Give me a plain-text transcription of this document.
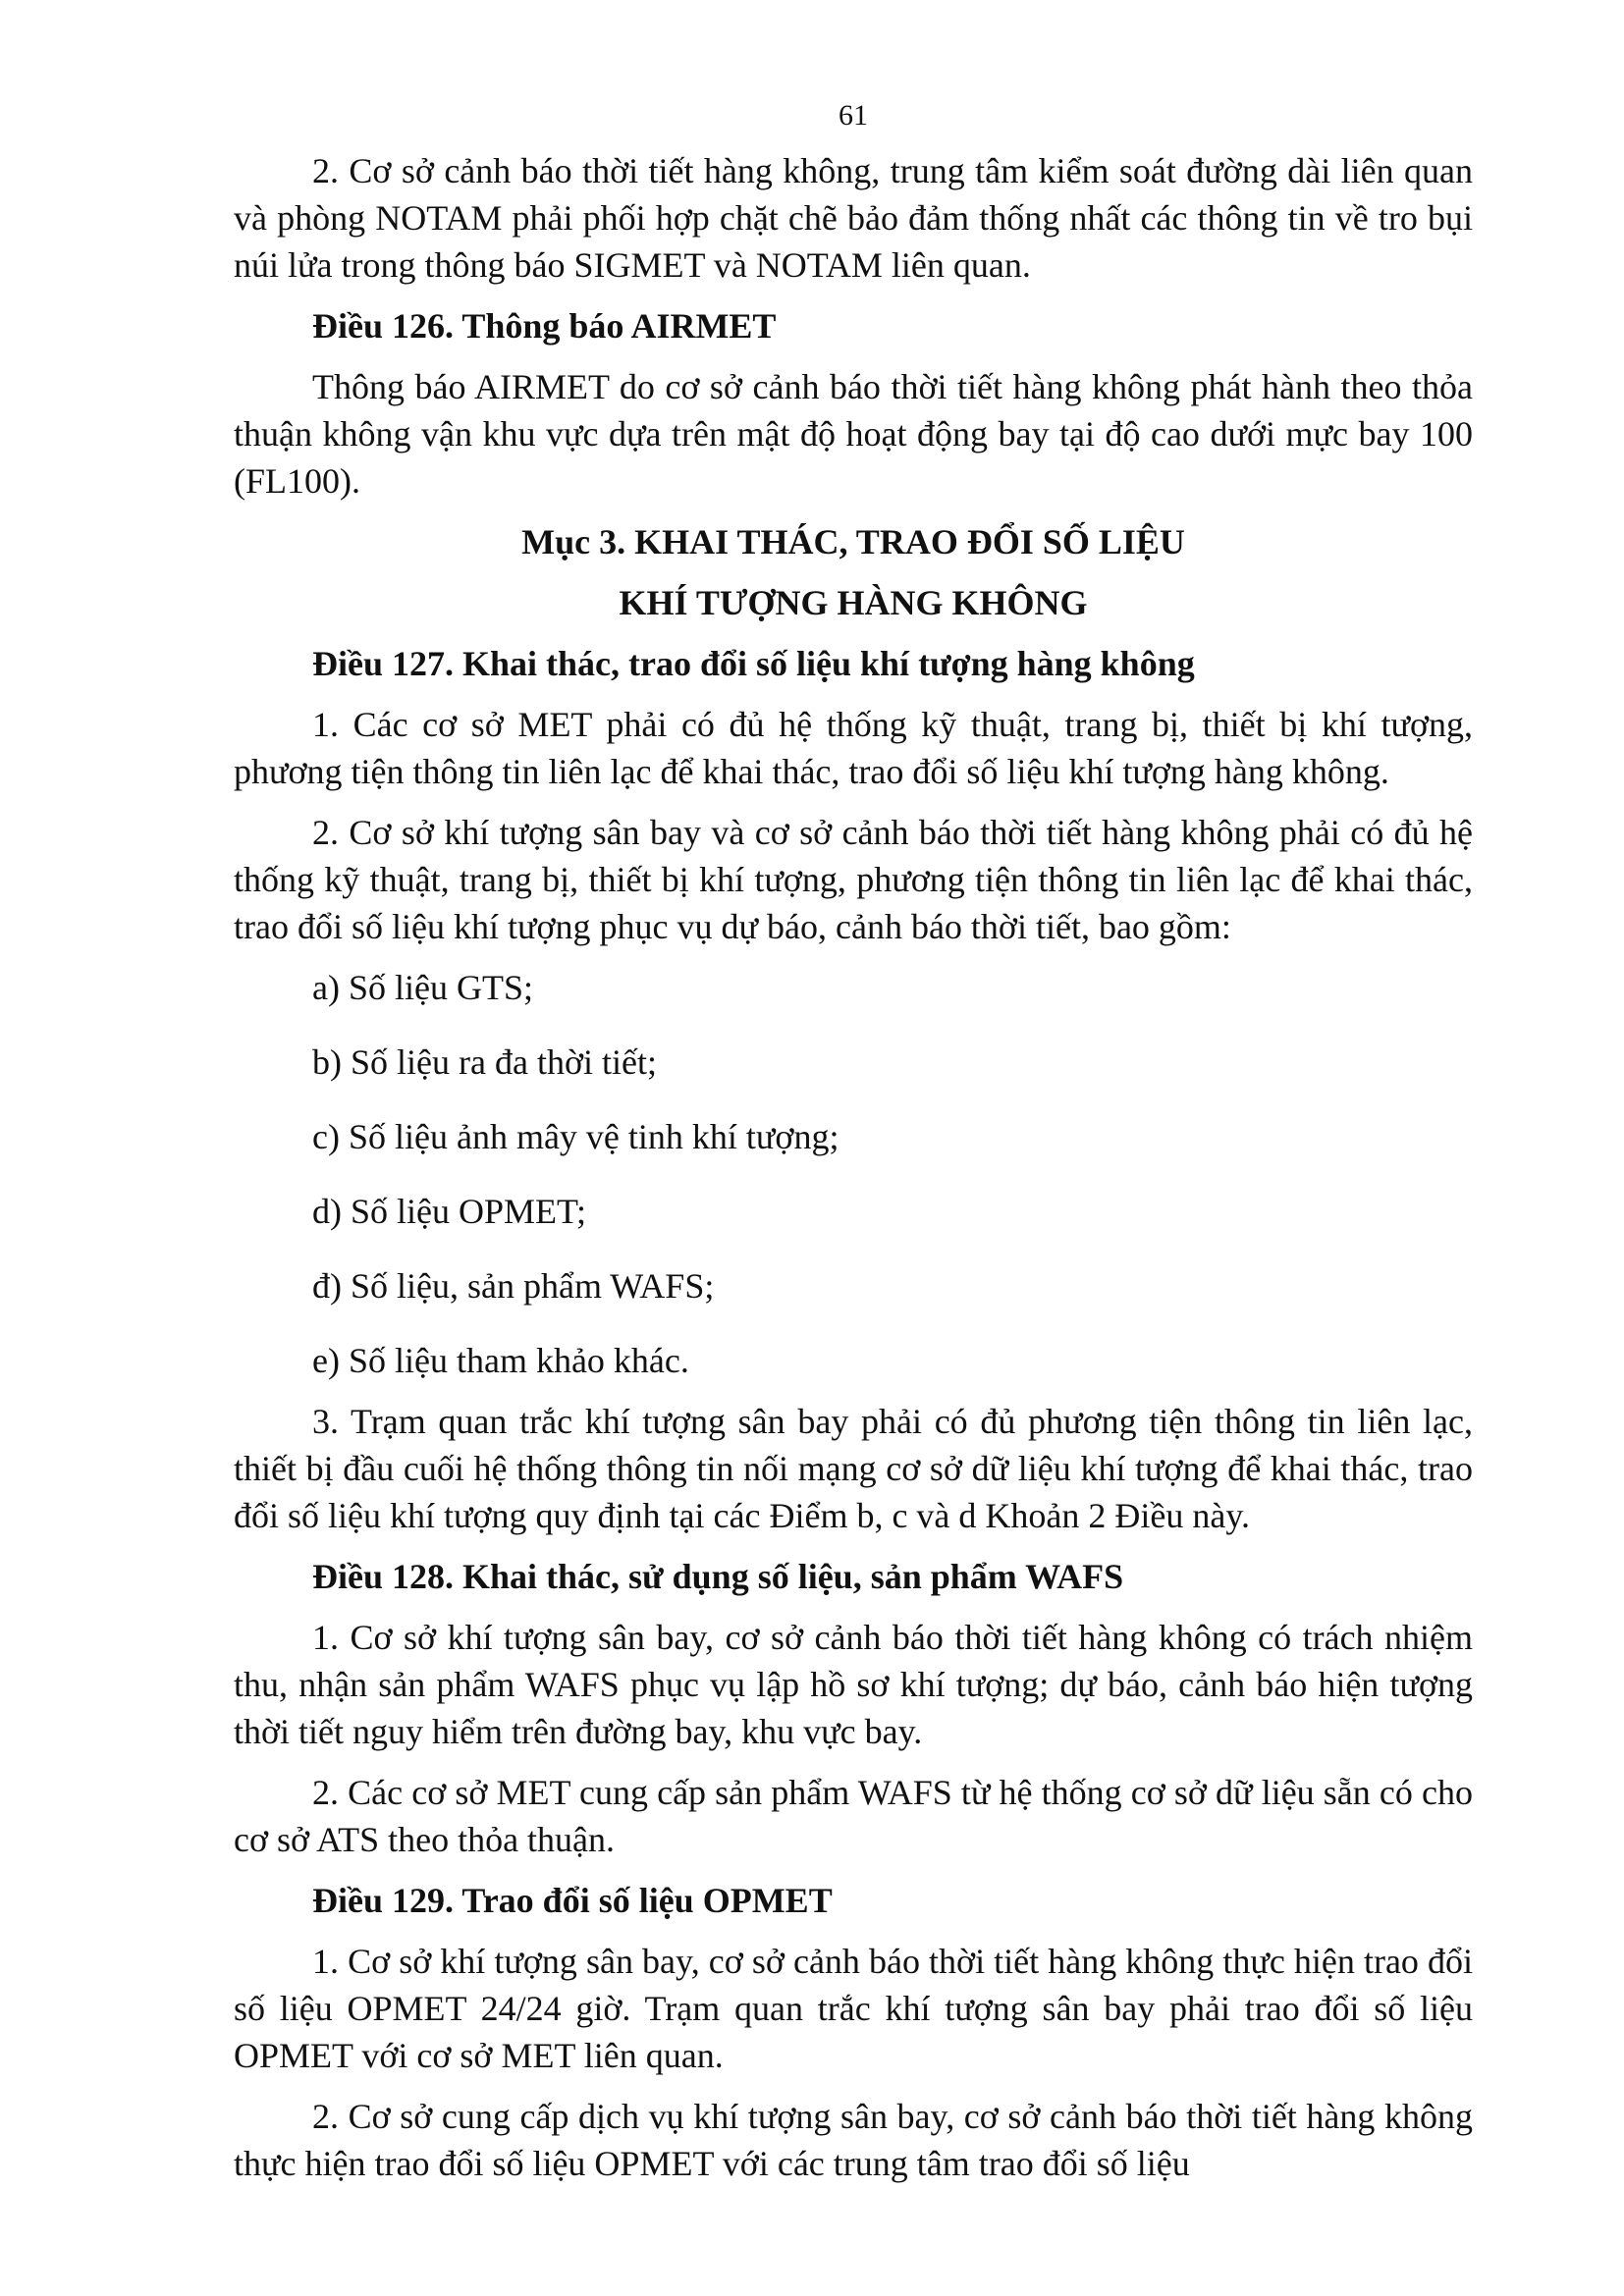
61

2. Cơ sở cảnh báo thời tiết hàng không, trung tâm kiểm soát đường dài liên quan và phòng NOTAM phải phối hợp chặt chẽ bảo đảm thống nhất các thông tin về tro bụi núi lửa trong thông báo SIGMET và NOTAM liên quan.

Điều 126. Thông báo AIRMET

Thông báo AIRMET do cơ sở cảnh báo thời tiết hàng không phát hành theo thỏa thuận không vận khu vực dựa trên mật độ hoạt động bay tại độ cao dưới mực bay 100 (FL100).

Mục 3. KHAI THÁC, TRAO ĐỔI SỐ LIỆU
KHÍ TƯỢNG HÀNG KHÔNG
Điều 127. Khai thác, trao đổi số liệu khí tượng hàng không

1. Các cơ sở MET phải có đủ hệ thống kỹ thuật, trang bị, thiết bị khí tượng, phương tiện thông tin liên lạc để khai thác, trao đổi số liệu khí tượng hàng không.

2. Cơ sở khí tượng sân bay và cơ sở cảnh báo thời tiết hàng không phải có đủ hệ thống kỹ thuật, trang bị, thiết bị khí tượng, phương tiện thông tin liên lạc để khai thác, trao đổi số liệu khí tượng phục vụ dự báo, cảnh báo thời tiết, bao gồm:

a) Số liệu GTS;

b) Số liệu ra đa thời tiết;

c) Số liệu ảnh mây vệ tinh khí tượng;

d) Số liệu OPMET;

đ) Số liệu, sản phẩm WAFS;

e) Số liệu tham khảo khác.

3. Trạm quan trắc khí tượng sân bay phải có đủ phương tiện thông tin liên lạc, thiết bị đầu cuối hệ thống thông tin nối mạng cơ sở dữ liệu khí tượng để khai thác, trao đổi số liệu khí tượng quy định tại các Điểm b, c và d Khoản 2 Điều này.

Điều 128. Khai thác, sử dụng số liệu, sản phẩm WAFS

1. Cơ sở khí tượng sân bay, cơ sở cảnh báo thời tiết hàng không có trách nhiệm thu, nhận sản phẩm WAFS phục vụ lập hồ sơ khí tượng; dự báo, cảnh báo hiện tượng thời tiết nguy hiểm trên đường bay, khu vực bay.

2. Các cơ sở MET cung cấp sản phẩm WAFS từ hệ thống cơ sở dữ liệu sẵn có cho cơ sở ATS theo thỏa thuận.

Điều 129. Trao đổi số liệu OPMET

1. Cơ sở khí tượng sân bay, cơ sở cảnh báo thời tiết hàng không thực hiện trao đổi số liệu OPMET 24/24 giờ. Trạm quan trắc khí tượng sân bay phải trao đổi số liệu OPMET với cơ sở MET liên quan.

2. Cơ sở cung cấp dịch vụ khí tượng sân bay, cơ sở cảnh báo thời tiết hàng không thực hiện trao đổi số liệu OPMET với các trung tâm trao đổi số liệu
